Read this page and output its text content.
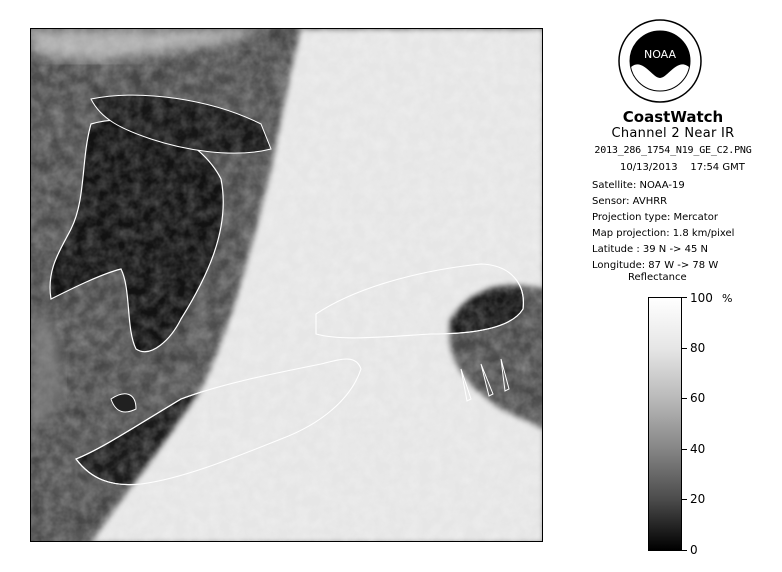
NOAA
CoastWatch
Channel 2 Near IR
2013_286_1754_N19_GE_C2.PNG
10/13/2013    17:54 GMT
Satellite: NOAA-19
Sensor: AVHRR
Projection type: Mercator
Map projection: 1.8 km/pixel
Latitude : 39 N -> 45 N
Longitude: 87 W -> 78 W
Reflectance
%
100
80
60
40
20
0
